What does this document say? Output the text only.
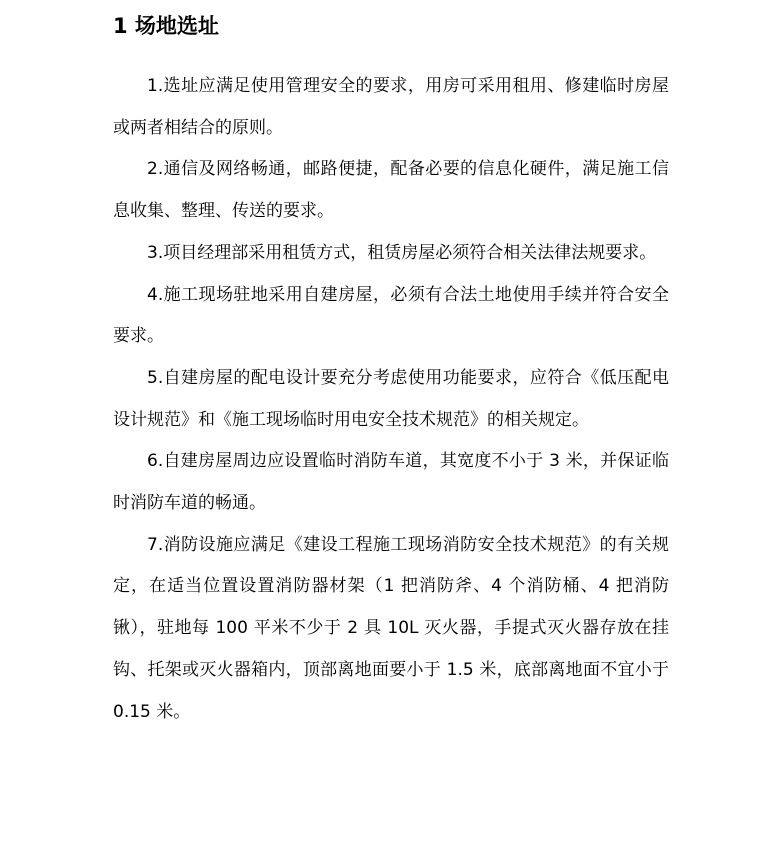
1 场地选址

1.选址应满足使用管理安全的要求，用房可采用租用、修建临时房屋或两者相结合的原则。

2.通信及网络畅通，邮路便捷，配备必要的信息化硬件，满足施工信息收集、整理、传送的要求。

3.项目经理部采用租赁方式，租赁房屋必须符合相关法律法规要求。

4.施工现场驻地采用自建房屋，必须有合法土地使用手续并符合安全要求。

5.自建房屋的配电设计要充分考虑使用功能要求，应符合《低压配电设计规范》和《施工现场临时用电安全技术规范》的相关规定。

6.自建房屋周边应设置临时消防车道，其宽度不小于 3 米，并保证临时消防车道的畅通。

7.消防设施应满足《建设工程施工现场消防安全技术规范》的有关规定，在适当位置设置消防器材架（1 把消防斧、4 个消防桶、4 把消防锹），驻地每 100 平米不少于 2 具 10L 灭火器，手提式灭火器存放在挂钩、托架或灭火器箱内，顶部离地面要小于 1.5 米，底部离地面不宜小于 0.15 米。
